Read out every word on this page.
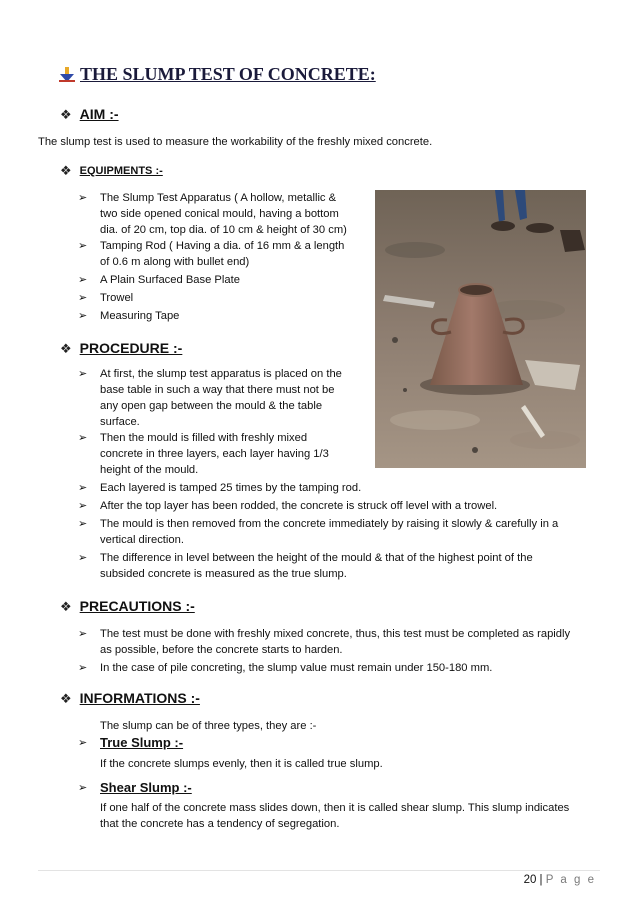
THE SLUMP TEST OF CONCRETE:
❖ AIM :-
The slump test is used to measure the workability of the freshly mixed concrete.
❖ EQUIPMENTS :-
➢	The Slump Test Apparatus ( A hollow, metallic &
two side opened conical mould, having a bottom
dia. of 20 cm, top dia. of 10 cm & height of 30 cm)
➢	Tamping Rod ( Having a dia. of 16 mm & a length
of 0.6 m along with bullet end)
➢	A Plain Surfaced Base Plate
➢	Trowel
➢	Measuring Tape
❖ PROCEDURE :-
➢	At first, the slump test apparatus is placed on the
base table in such a way that there must not be
any open gap between the mould & the table
surface.
➢	Then the mould is filled with freshly mixed
concrete in three layers, each layer having 1/3
height of the mould.
➢	Each layered is tamped 25 times by the tamping rod.
➢	After the top layer has been rodded, the concrete is struck off level with a trowel.
➢	The mould is then removed from the concrete immediately by raising it slowly & carefully in a
vertical direction.
➢	The difference in level between the height of the mould & that of the highest point of the
subsided concrete is measured as the true slump.
❖ PRECAUTIONS :-
➢	The test must be done with freshly mixed concrete, thus, this test must be completed as rapidly
as possible, before the concrete starts to harden.
➢	In the case of pile concreting, the slump value must remain under 150-180 mm.
❖ INFORMATIONS :-
The slump can be of three types, they are :-
➢ True Slump :-
If the concrete slumps evenly, then it is called true slump.
➢ Shear Slump :-
If one half of the concrete mass slides down, then it is called shear slump. This slump indicates
that the concrete has a tendency of segregation.
20 | P a g e
